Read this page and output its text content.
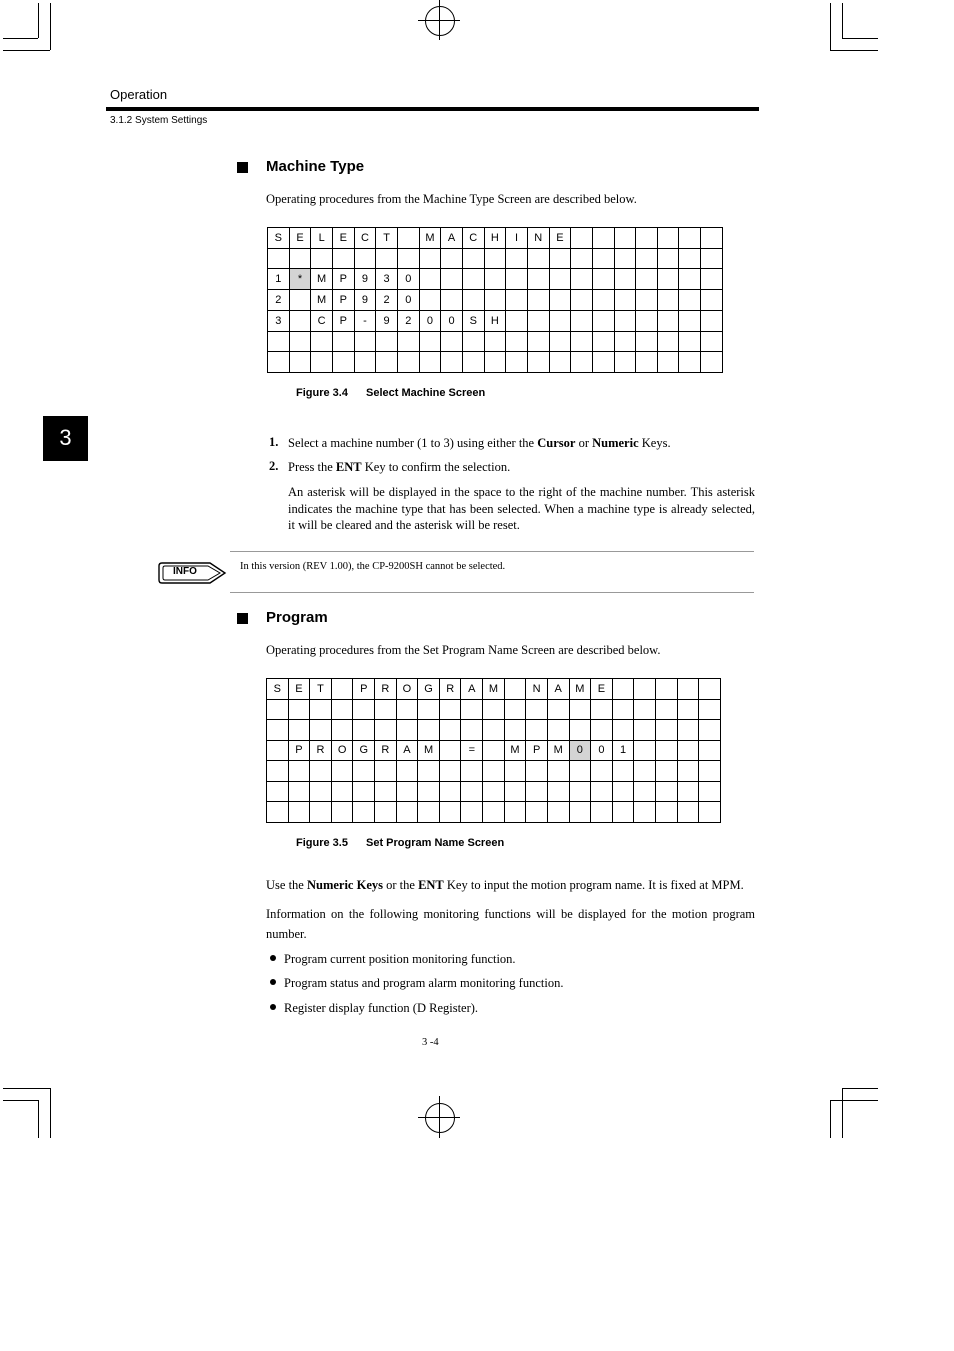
Operation
3.1.2 System Settings
3
Machine Type
Operating procedures from the Machine Type Screen are described below.
S	E	L	E	C	T		M	A	C	H	I	N	E							

1	*	M	P	9	3	0														
2		M	P	9	2	0														
3		C	P	-	9	2	0	0	S	H										

Figure 3.4 Select Machine Screen
1. Select a machine number (1 to 3) using either the Cursor or Numeric Keys.
2. Press the ENT Key to confirm the selection.
An asterisk will be displayed in the space to the right of the machine number. This asterisk indicates the machine type that has been selected. When a machine type is already selected, it will be cleared and the asterisk will be reset.
INFO	In this version (REV 1.00), the CP-9200SH cannot be selected.
Program
Operating procedures from the Set Program Name Screen are described below.
S	E	T		P	R	O	G	R	A	M		N	A	M	E					

	P	R	O	G	R	A	M		=		M	P	M	0	0	1				

Figure 3.5 Set Program Name Screen
Use the Numeric Keys or the ENT Key to input the motion program name. It is fixed at MPM.
Information on the following monitoring functions will be displayed for the motion program number.
Program current position monitoring function.
Program status and program alarm monitoring function.
Register display function (D Register).
3 -4
